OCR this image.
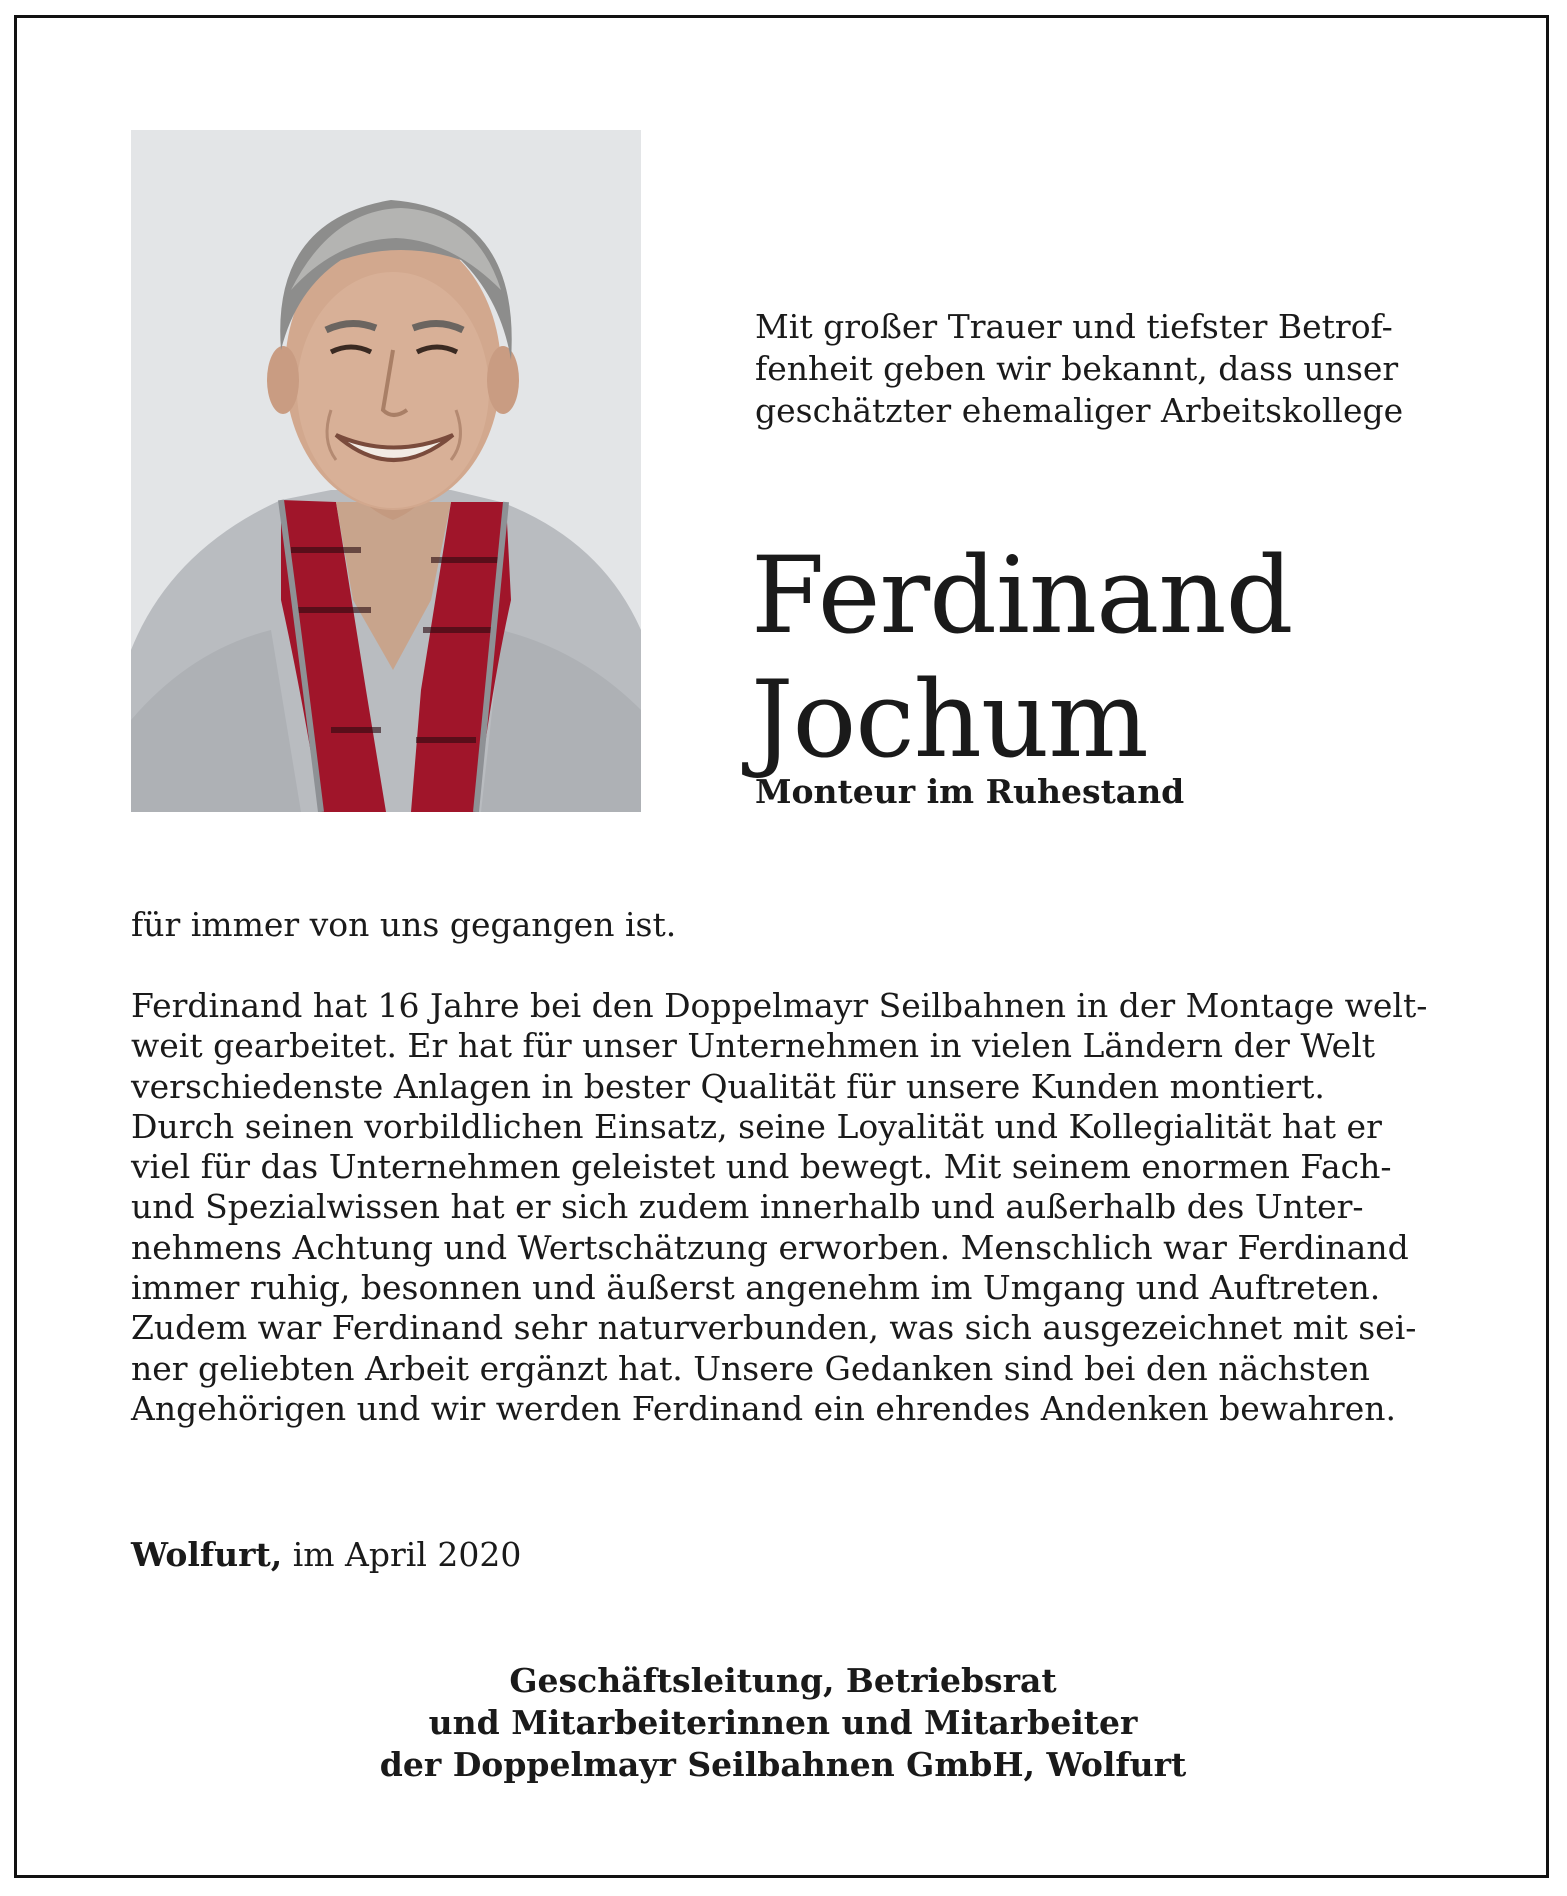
Mit großer Trauer und tiefster Betrof-
fenheit geben wir bekannt, dass unser
geschätzter ehemaliger Arbeitskollege
Ferdinand
Jochum
Monteur im Ruhestand
für immer von uns gegangen ist.
Ferdinand hat 16 Jahre bei den Doppelmayr Seilbahnen in der Montage welt-
weit gearbeitet. Er hat für unser Unternehmen in vielen Ländern der Welt
verschiedenste Anlagen in bester Qualität für unsere Kunden montiert.
Durch seinen vorbildlichen Einsatz, seine Loyalität und Kollegialität hat er
viel für das Unternehmen geleistet und bewegt. Mit seinem enormen Fach-
und Spezialwissen hat er sich zudem innerhalb und außerhalb des Unter-
nehmens Achtung und Wertschätzung erworben. Menschlich war Ferdinand
immer ruhig, besonnen und äußerst angenehm im Umgang und Auftreten.
Zudem war Ferdinand sehr naturverbunden, was sich ausgezeichnet mit sei-
ner geliebten Arbeit ergänzt hat. Unsere Gedanken sind bei den nächsten
Angehörigen und wir werden Ferdinand ein ehrendes Andenken bewahren.
Wolfurt, im April 2020
Geschäftsleitung, Betriebsrat
und Mitarbeiterinnen und Mitarbeiter
der Doppelmayr Seilbahnen GmbH, Wolfurt
